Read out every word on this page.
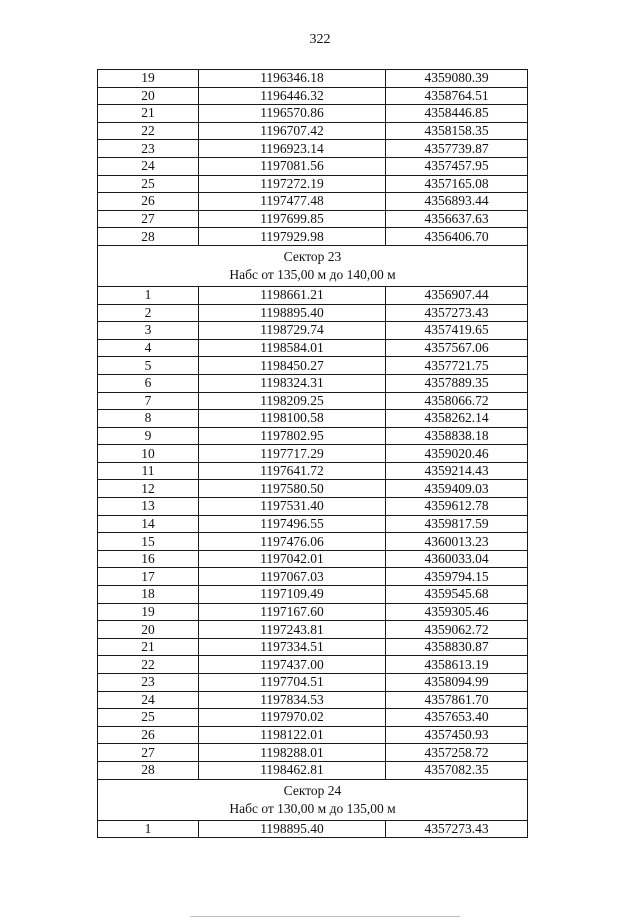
322
19	1196346.18	4359080.39
20	1196446.32	4358764.51
21	1196570.86	4358446.85
22	1196707.42	4358158.35
23	1196923.14	4357739.87
24	1197081.56	4357457.95
25	1197272.19	4357165.08
26	1197477.48	4356893.44
27	1197699.85	4356637.63
28	1197929.98	4356406.70

Сектор 23
Набс от 135,00 м до 140,00 м		

1	1198661.21	4356907.44
2	1198895.40	4357273.43
3	1198729.74	4357419.65
4	1198584.01	4357567.06
5	1198450.27	4357721.75
6	1198324.31	4357889.35
7	1198209.25	4358066.72
8	1198100.58	4358262.14
9	1197802.95	4358838.18
10	1197717.29	4359020.46
11	1197641.72	4359214.43
12	1197580.50	4359409.03
13	1197531.40	4359612.78
14	1197496.55	4359817.59
15	1197476.06	4360013.23
16	1197042.01	4360033.04
17	1197067.03	4359794.15
18	1197109.49	4359545.68
19	1197167.60	4359305.46
20	1197243.81	4359062.72
21	1197334.51	4358830.87
22	1197437.00	4358613.19
23	1197704.51	4358094.99
24	1197834.53	4357861.70
25	1197970.02	4357653.40
26	1198122.01	4357450.93
27	1198288.01	4357258.72
28	1198462.81	4357082.35

Сектор 24
Набс от 130,00 м до 135,00 м		

1	1198895.40	4357273.43
